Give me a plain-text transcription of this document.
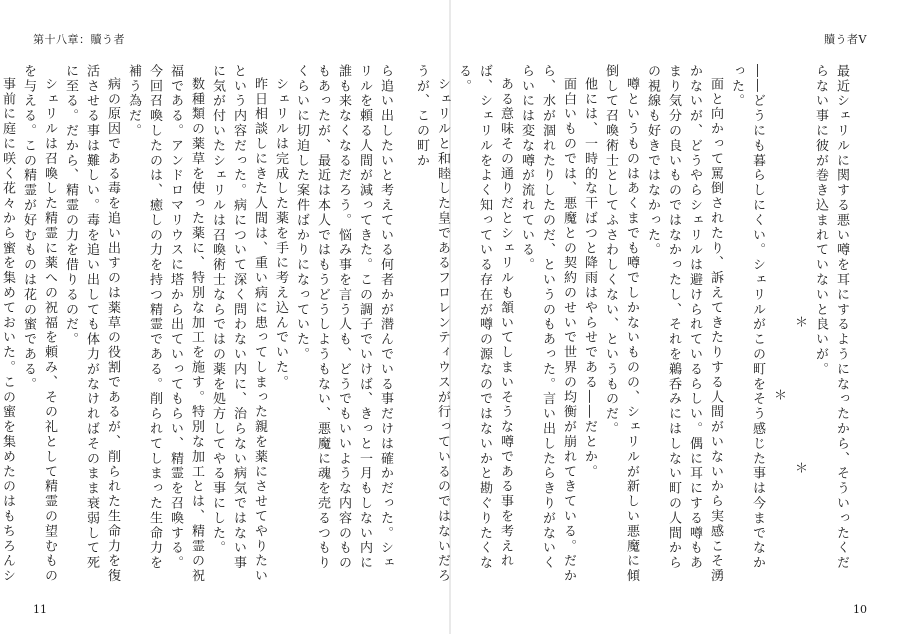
第十八章：贖う者

ら追い出したいと考えている何者かが潜んでいる事だけは確かだった。シェリルを頼る人間が減ってきた。この調子でいけば、きっと一月もしない内に誰も来なくなるだろう。悩み事を言う人も、どうでもいいような内容のものもあったが、最近は本人ではもうどうしようもない、悪魔に魂を売るつもりくらいに切迫した案件ばかりになっていた。

シェリルは完成した薬を手に考え込んでいた。

昨日相談しにきた人間は、重い病に患ってしまった親を薬にさせてやりたいという内容だった。病について深く問わない内に、治らない病気ではない事に気が付いたシェリルは召喚術士ならではの薬を処方してやる事にした。

数種類の薬草を使った薬に、特別な加工を施す。特別な加工とは、精霊の祝福である。アンドロマリウスに塔から出ていってもらい、精霊を召喚する。今回召喚したのは、癒しの力を持つ精霊である。削られてしまった生命力を補う為だ。

病の原因である毒を追い出すのは薬草の役割であるが、削られた生命力を復活させる事は難しい。毒を追い出しても体力がなければそのまま衰弱して死に至る。だから、精霊の力を借りるのだ。

シェリルは召喚した精霊に薬への祝福を頼み、その礼として精霊の望むものを与える。この精霊が好むものは花の蜜である。

事前に庭に咲く花々から蜜を集めておいた。この蜜を集めたのはもちろんシ

11
贖う者Ⅴ

最近シェリルに関する悪い噂を耳にするようになったから、そういったくだらない事に彼が巻き込まれていないと良いが。

＊　＊　＊

――どうにも暮らしにくい。シェリルがこの町をそう感じた事は今までなかった。

面と向かって罵倒されたり、訴えてきたりする人間がいないから実感こそ湧かないが、どうやらシェリルは避けられているらしい。偶に耳にする噂もあまり気分の良いものではなかったし、それを鵜呑みにはしない町の人間からの視線も好きではなかった。

噂というものはあくまでも噂でしかないものの、シェリルが新しい悪魔に傾倒して召喚術士としてふさわしくない、というものだ。

他には、一時的な干ばつと降雨はやらせである――だとか。

面白いものでは、悪魔との契約のせいで世界の均衡が崩れてきている。だから、水が涸れたりしたのだ、というのもあった。言い出したらきりがないくらいには変な噂が流れている。

ある意味その通りだとシェリルも頷いてしまいそうな噂である事を考えれば、シェリルをよく知っている存在が噂の源なのではないかと勘ぐりたくなる。

シェリルと和睦した皇であるフロレンティウスが行っているのではないだろうが、この町か

10
